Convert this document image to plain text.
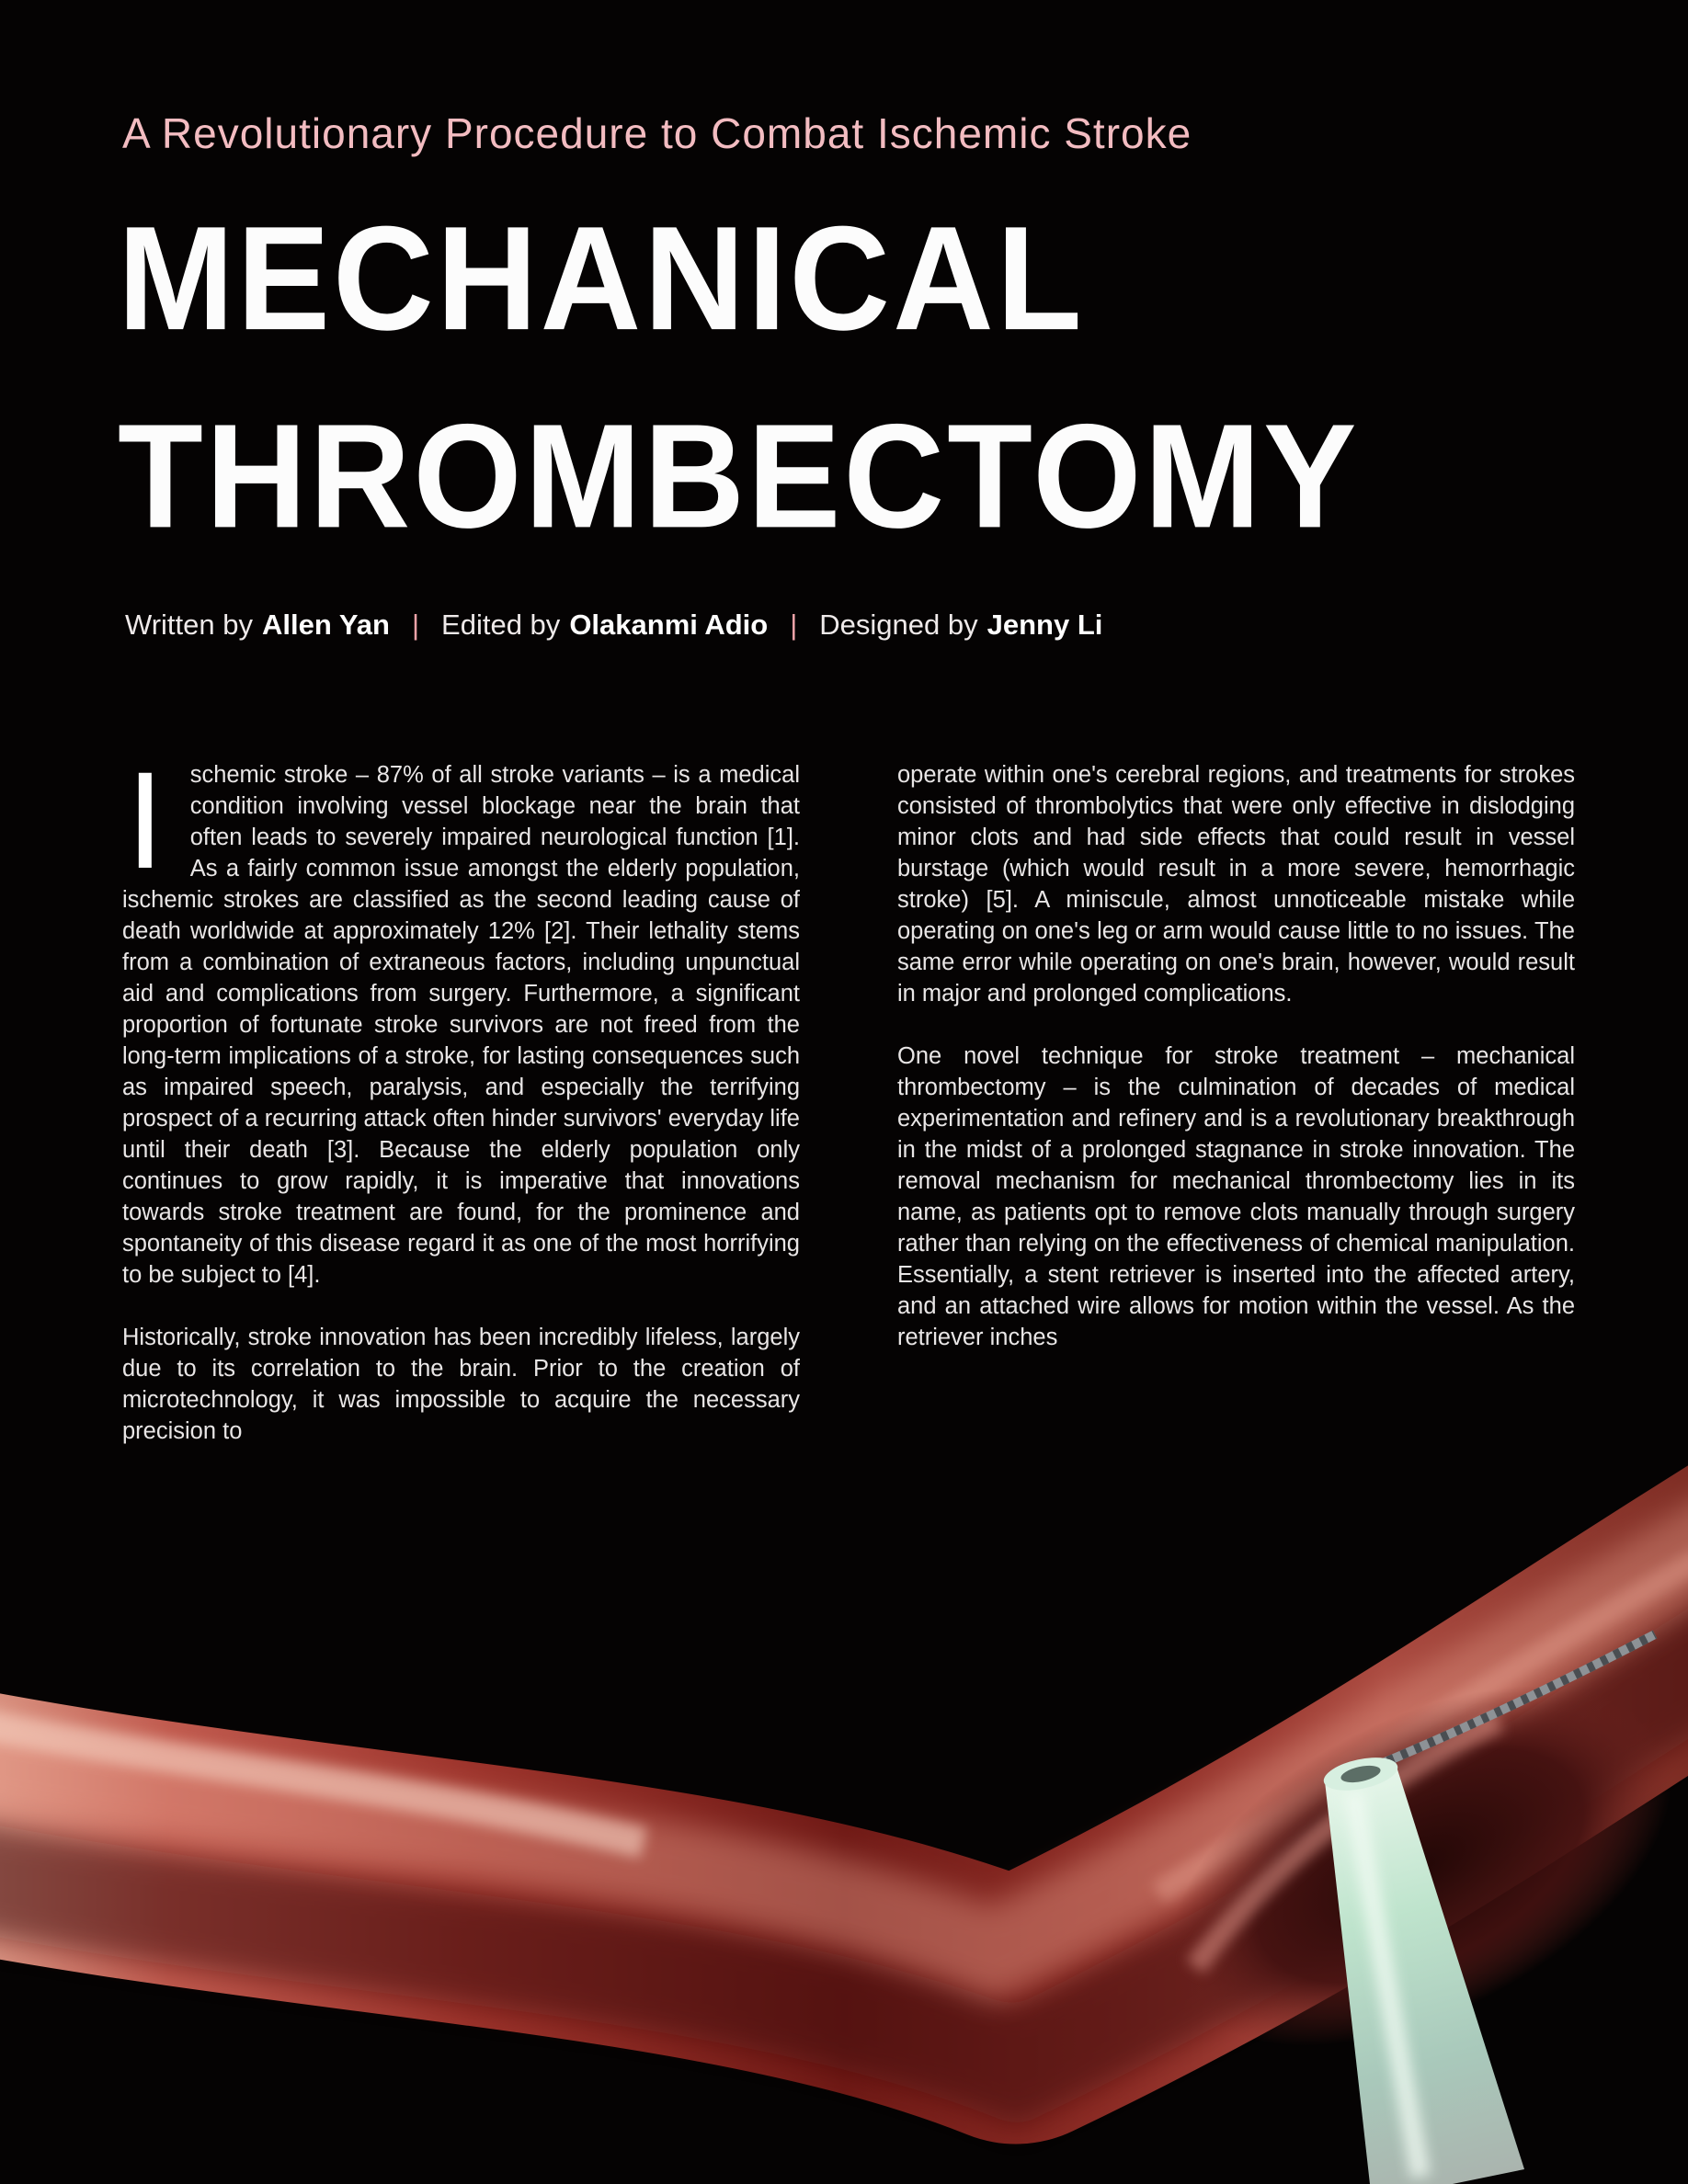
A Revolutionary Procedure to Combat Ischemic Stroke
MECHANICAL
THROMBECTOMY
Written by Allen Yan | Edited by Olakanmi Adio | Designed by Jenny Li

I	schemic stroke – 87% of all stroke variants – is a medical condition involving vessel blockage near the brain that often leads to severely impaired neurological function [1]. As a fairly common issue amongst the elderly population, ischemic strokes are classified as the second leading cause of death worldwide at approximately 12% [2]. Their lethality stems from a combination of extraneous factors, including unpunctual aid and complications from surgery. Furthermore, a significant proportion of fortunate stroke survivors are not freed from the long-term implications of a stroke, for lasting consequences such as impaired speech, paralysis, and especially the terrifying prospect of a recurring attack often hinder survivors' everyday life until their death [3]. Because the elderly population only continues to grow rapidly, it is imperative that innovations towards stroke treatment are found, for the prominence and spontaneity of this disease regard it as one of the most horrifying to be subject to [4].

Historically, stroke innovation has been incredibly lifeless, largely due to its correlation to the brain. Prior to the creation of microtechnology, it was impossible to acquire the necessary precision to

operate within one's cerebral regions, and treatments for strokes consisted of thrombolytics that were only effective in dislodging minor clots and had side effects that could result in vessel burstage (which would result in a more severe, hemorrhagic stroke) [5]. A miniscule, almost unnoticeable mistake while operating on one's leg or arm would cause little to no issues. The same error while operating on one's brain, however, would result in major and prolonged complications.

One novel technique for stroke treatment – mechanical thrombectomy – is the culmination of decades of medical experimentation and refinery and is a revolutionary breakthrough in the midst of a prolonged stagnance in stroke innovation. The removal mechanism for mechanical thrombectomy lies in its name, as patients opt to remove clots manually through surgery rather than relying on the effectiveness of chemical manipulation. Essentially, a stent retriever is inserted into the affected artery, and an attached wire allows for motion within the vessel. As the retriever inches
